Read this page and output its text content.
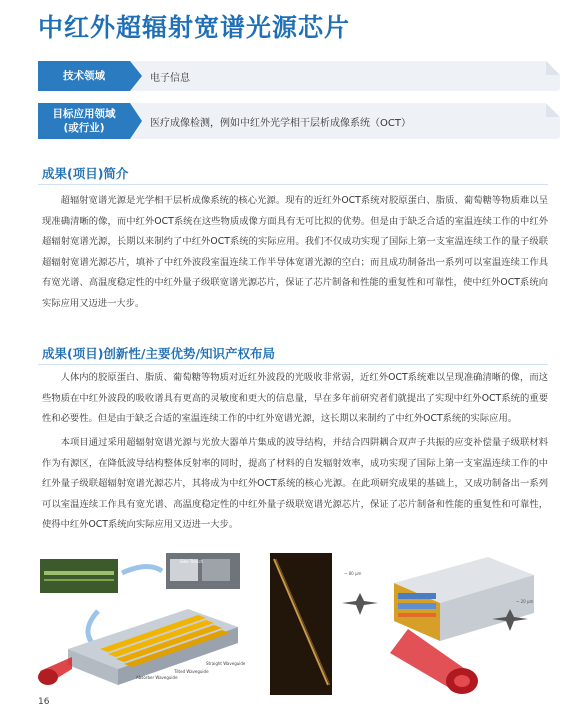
中红外超辐射宽谱光源芯片
技术领域	电子信息
目标应用领域
(或行业)	医疗成像检测，例如中红外光学相干层析成像系统（OCT）
成果(项目)简介
超辐射宽谱光源是光学相干层析成像系统的核心光源。现有的近红外OCT系统对胶原蛋白、脂质、葡萄糖等物质难以呈现准确清晰的像，而中红外OCT系统在这些物质成像方面具有无可比拟的优势。但是由于缺乏合适的室温连续工作的中红外超辐射宽谱光源，长期以来制约了中红外OCT系统的实际应用。我们不仅成功实现了国际上第一支室温连续工作的量子级联超辐射宽谱光源芯片，填补了中红外波段室温连续工作半导体宽谱光源的空白；而且成功制备出一系列可以室温连续工作具有宽光谱、高温度稳定性的中红外量子级联宽谱光源芯片，保证了芯片制备和性能的重复性和可靠性，使中红外OCT系统向实际应用又迈进一大步。
成果(项目)创新性/主要优势/知识产权布局
人体内的胶原蛋白、脂质、葡萄糖等物质对近红外波段的光吸收非常弱，近红外OCT系统难以呈现准确清晰的像，而这些物质在中红外波段的吸收谱具有更高的灵敏度和更大的信息量，早在多年前研究者们就提出了实现中红外OCT系统的重要性和必要性。但是由于缺乏合适的室温连续工作的中红外宽谱光源，这长期以来制约了中红外OCT系统的实际应用。
本项目通过采用超辐射宽谱光源与光放大器单片集成的波导结构，并结合四阱耦合双声子共振的应变补偿量子级联材料作为有源区，在降低波导结构整体反射率的同时，提高了材料的自发辐射效率，成功实现了国际上第一支室温连续工作的中红外量子级联超辐射宽谱光源芯片，其将成为中红外OCT系统的核心光源。在此项研究成果的基础上，又成功制备出一系列可以室温连续工作具有宽光谱、高温度稳定性的中红外量子级联宽谱光源芯片，保证了芯片制备和性能的重复性和可靠性，使得中红外OCT系统向实际应用又迈进一大步。
Side Trench
Absorber Waveguide
Tilted Waveguide
Straight Waveguide
~ 80 μm
~ 20 μm
16
